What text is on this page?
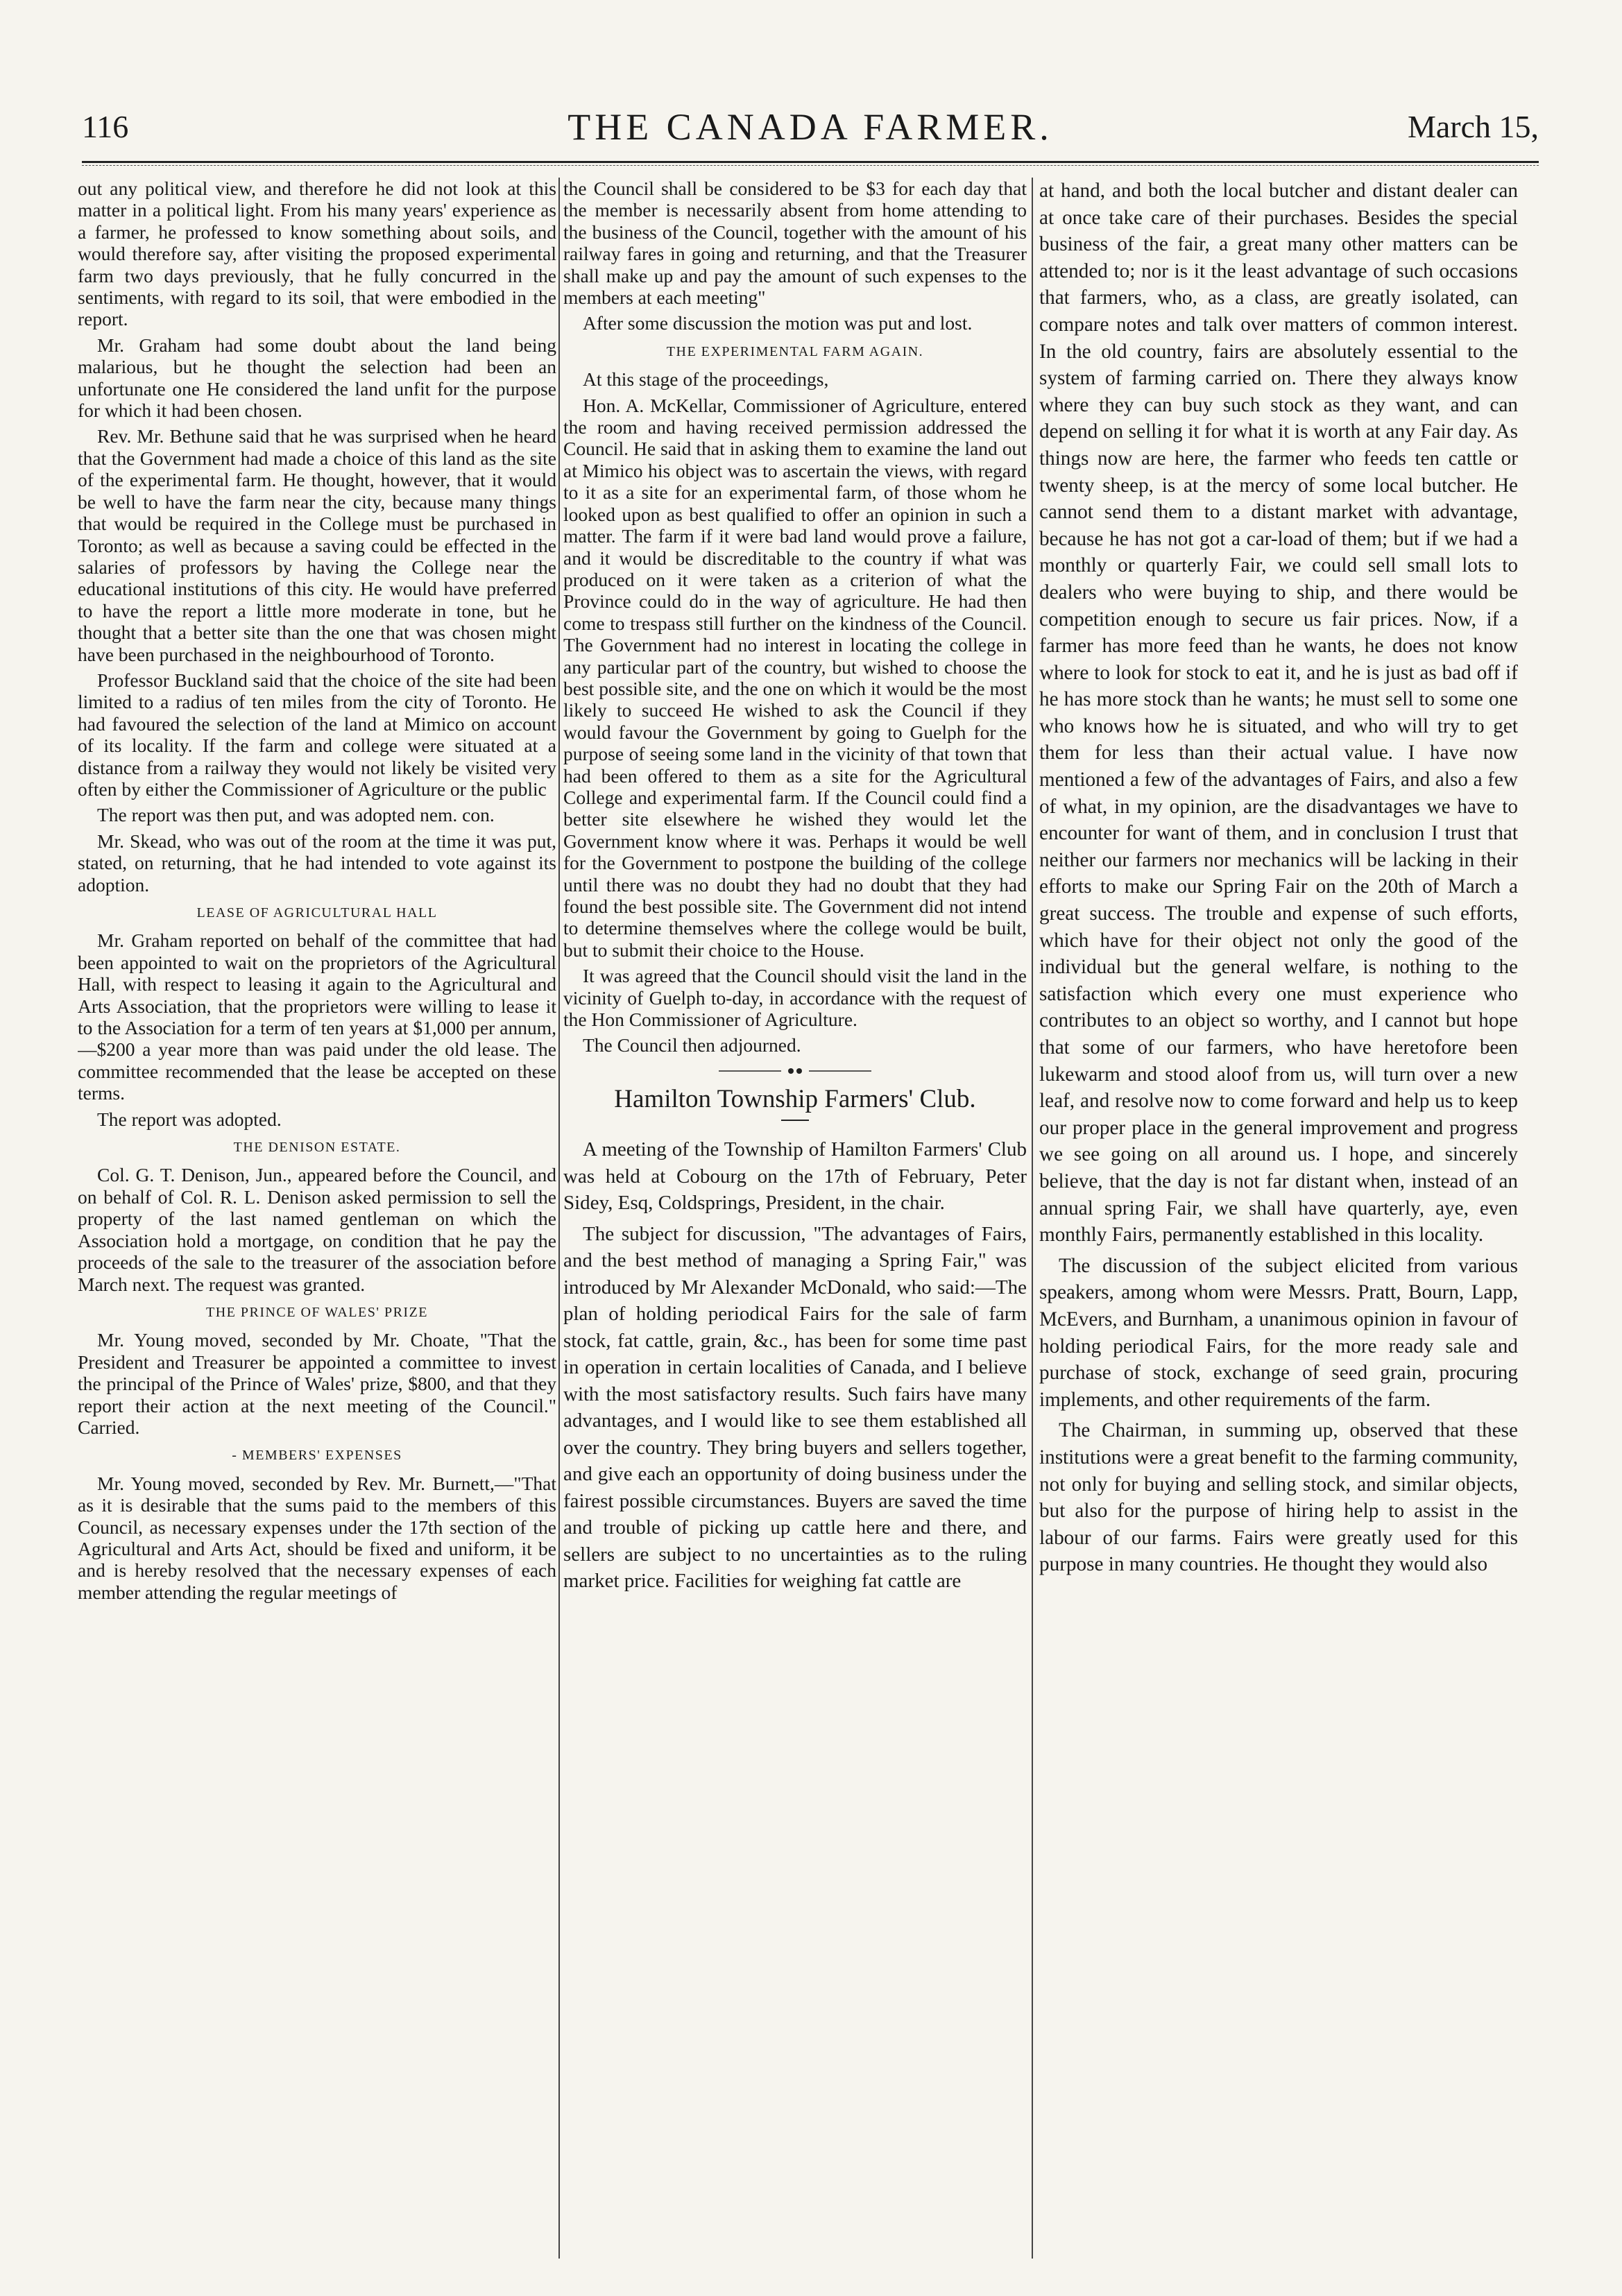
116	THE CANADA FARMER.	March 15,

out any political view, and therefore he did not look at this matter in a political light. From his many years' experience as a farmer, he professed to know something about soils, and would therefore say, after visiting the proposed experimental farm two days previously, that he fully concurred in the sentiments, with regard to its soil, that were embodied in the report.

Mr. Graham had some doubt about the land being malarious, but he thought the selection had been an unfortunate one He considered the land unfit for the purpose for which it had been chosen.

Rev. Mr. Bethune said that he was surprised when he heard that the Government had made a choice of this land as the site of the experimental farm. He thought, however, that it would be well to have the farm near the city, because many things that would be required in the College must be purchased in Toronto; as well as because a saving could be effected in the salaries of professors by having the College near the educational institutions of this city. He would have preferred to have the report a little more moderate in tone, but he thought that a better site than the one that was chosen might have been purchased in the neighbourhood of Toronto.

Professor Buckland said that the choice of the site had been limited to a radius of ten miles from the city of Toronto. He had favoured the selection of the land at Mimico on account of its locality. If the farm and college were situated at a distance from a railway they would not likely be visited very often by either the Commissioner of Agriculture or the public

The report was then put, and was adopted nem. con.

Mr. Skead, who was out of the room at the time it was put, stated, on returning, that he had intended to vote against its adoption.

LEASE OF AGRICULTURAL HALL

Mr. Graham reported on behalf of the committee that had been appointed to wait on the proprietors of the Agricultural Hall, with respect to leasing it again to the Agricultural and Arts Association, that the proprietors were willing to lease it to the Association for a term of ten years at $1,000 per annum,—$200 a year more than was paid under the old lease. The committee recommended that the lease be accepted on these terms.

The report was adopted.

THE DENISON ESTATE.

Col. G. T. Denison, Jun., appeared before the Council, and on behalf of Col. R. L. Denison asked permission to sell the property of the last named gentleman on which the Association hold a mortgage, on condition that he pay the proceeds of the sale to the treasurer of the association before March next. The request was granted.

THE PRINCE OF WALES' PRIZE

Mr. Young moved, seconded by Mr. Choate, "That the President and Treasurer be appointed a committee to invest the principal of the Prince of Wales' prize, $800, and that they report their action at the next meeting of the Council." Carried.

- MEMBERS' EXPENSES

Mr. Young moved, seconded by Rev. Mr. Burnett,—"That as it is desirable that the sums paid to the members of this Council, as necessary expenses under the 17th section of the Agricultural and Arts Act, should be fixed and uniform, it be and is hereby resolved that the necessary expenses of each member attending the regular meetings of

the Council shall be considered to be $3 for each day that the member is necessarily absent from home attending to the business of the Council, together with the amount of his railway fares in going and returning, and that the Treasurer shall make up and pay the amount of such expenses to the members at each meeting"

After some discussion the motion was put and lost.

THE EXPERIMENTAL FARM AGAIN.

At this stage of the proceedings,

Hon. A. McKellar, Commissioner of Agriculture, entered the room and having received permission addressed the Council. He said that in asking them to examine the land out at Mimico his object was to ascertain the views, with regard to it as a site for an experimental farm, of those whom he looked upon as best qualified to offer an opinion in such a matter. The farm if it were bad land would prove a failure, and it would be discreditable to the country if what was produced on it were taken as a criterion of what the Province could do in the way of agriculture. He had then come to trespass still further on the kindness of the Council. The Government had no interest in locating the college in any particular part of the country, but wished to choose the best possible site, and the one on which it would be the most likely to succeed He wished to ask the Council if they would favour the Government by going to Guelph for the purpose of seeing some land in the vicinity of that town that had been offered to them as a site for the Agricultural College and experimental farm. If the Council could find a better site elsewhere he wished they would let the Government know where it was. Perhaps it would be well for the Government to postpone the building of the college until there was no doubt they had no doubt that they had found the best possible site. The Government did not intend to determine themselves where the college would be built, but to submit their choice to the House.

It was agreed that the Council should visit the land in the vicinity of Guelph to-day, in accordance with the request of the Hon Commissioner of Agriculture.

The Council then adjourned.

Hamilton Township Farmers' Club.

A meeting of the Township of Hamilton Farmers' Club was held at Cobourg on the 17th of February, Peter Sidey, Esq, Coldsprings, President, in the chair.

The subject for discussion, "The advantages of Fairs, and the best method of managing a Spring Fair," was introduced by Mr Alexander McDonald, who said:—The plan of holding periodical Fairs for the sale of farm stock, fat cattle, grain, &c., has been for some time past in operation in certain localities of Canada, and I believe with the most satisfactory results. Such fairs have many advantages, and I would like to see them established all over the country. They bring buyers and sellers together, and give each an opportunity of doing business under the fairest possible circumstances. Buyers are saved the time and trouble of picking up cattle here and there, and sellers are subject to no uncertainties as to the ruling market price. Facilities for weighing fat cattle are

at hand, and both the local butcher and distant dealer can at once take care of their purchases. Besides the special business of the fair, a great many other matters can be attended to; nor is it the least advantage of such occasions that farmers, who, as a class, are greatly isolated, can compare notes and talk over matters of common interest. In the old country, fairs are absolutely essential to the system of farming carried on. There they always know where they can buy such stock as they want, and can depend on selling it for what it is worth at any Fair day. As things now are here, the farmer who feeds ten cattle or twenty sheep, is at the mercy of some local butcher. He cannot send them to a distant market with advantage, because he has not got a car-load of them; but if we had a monthly or quarterly Fair, we could sell small lots to dealers who were buying to ship, and there would be competition enough to secure us fair prices. Now, if a farmer has more feed than he wants, he does not know where to look for stock to eat it, and he is just as bad off if he has more stock than he wants; he must sell to some one who knows how he is situated, and who will try to get them for less than their actual value. I have now mentioned a few of the advantages of Fairs, and also a few of what, in my opinion, are the disadvantages we have to encounter for want of them, and in conclusion I trust that neither our farmers nor mechanics will be lacking in their efforts to make our Spring Fair on the 20th of March a great success. The trouble and expense of such efforts, which have for their object not only the good of the individual but the general welfare, is nothing to the satisfaction which every one must experience who contributes to an object so worthy, and I cannot but hope that some of our farmers, who have heretofore been lukewarm and stood aloof from us, will turn over a new leaf, and resolve now to come forward and help us to keep our proper place in the general improvement and progress we see going on all around us. I hope, and sincerely believe, that the day is not far distant when, instead of an annual spring Fair, we shall have quarterly, aye, even monthly Fairs, permanently established in this locality.

The discussion of the subject elicited from various speakers, among whom were Messrs. Pratt, Bourn, Lapp, McEvers, and Burnham, a unanimous opinion in favour of holding periodical Fairs, for the more ready sale and purchase of stock, exchange of seed grain, procuring implements, and other requirements of the farm.

The Chairman, in summing up, observed that these institutions were a great benefit to the farming community, not only for buying and selling stock, and similar objects, but also for the purpose of hiring help to assist in the labour of our farms. Fairs were greatly used for this purpose in many countries. He thought they would also
